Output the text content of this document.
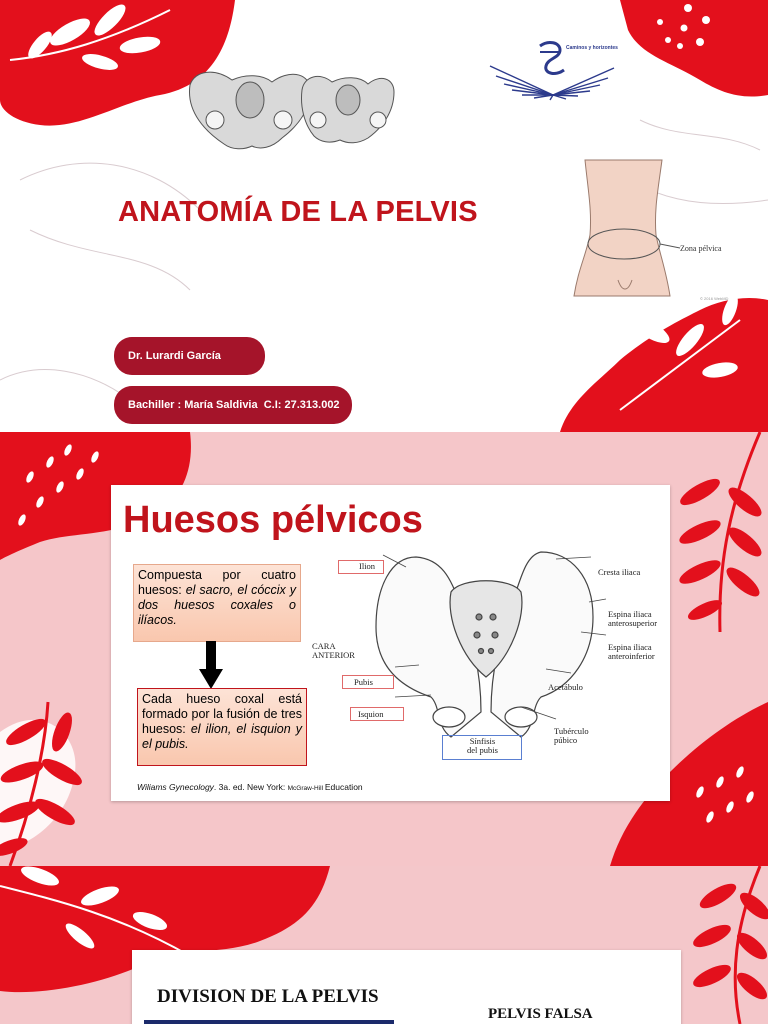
Caminos y horizontes
ANATOMÍA DE LA PELVIS
Zona pélvica
© 2016 WebMD
Dr. Lurardi García
Bachiller : María Saldivia  C.I: 27.313.002
Huesos pélvicos
Compuesta por cuatro huesos: el sacro, el cóccix y dos huesos coxales o ilíacos.
Cada hueso coxal está formado por la fusión de tres huesos: el ilion, el isquion y el pubis.
Wiliams Gynecology. 3a. ed. New York: McGraw-Hill Education
Ilion
CARA
ANTERIOR
Pubis
Isquion
Sínfisis
del pubis
Cresta iliaca
Espina iliaca
anterosuperior
Espina iliaca
anteroinferior
Acetábulo
Tubérculo
púbico
DIVISION DE LA PELVIS
PELVIS FALSA
